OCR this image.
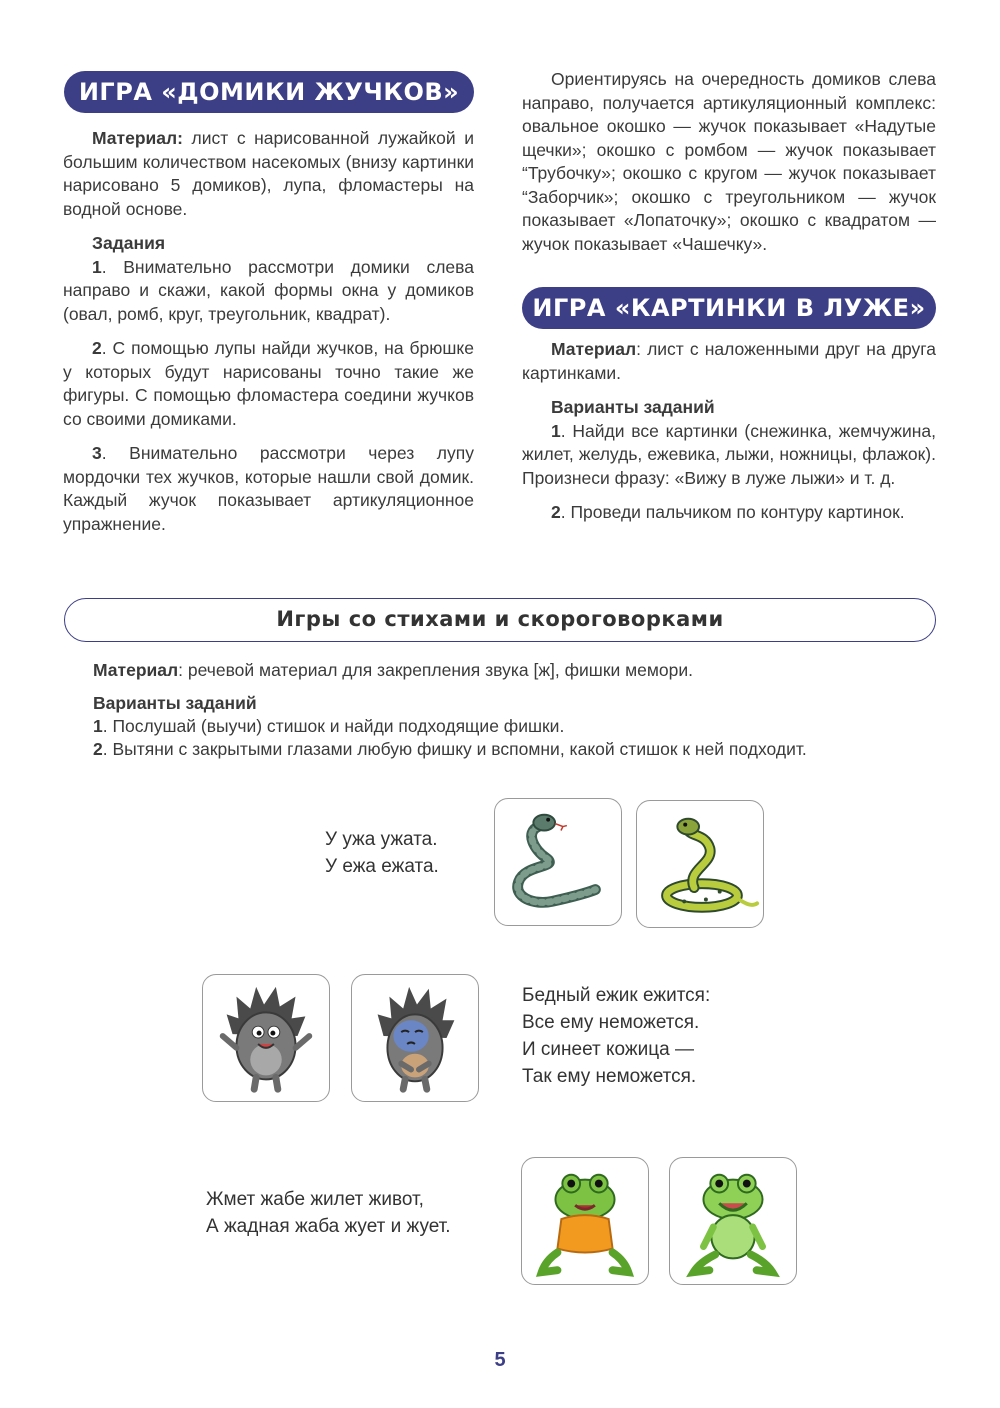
ИГРА «ДОМИКИ ЖУЧКОВ»

Материал: лист с нарисованной лужайкой и большим количеством насекомых (внизу картинки нарисовано 5 домиков), лупа, фломастеры на водной основе.

Задания

1. Внимательно рассмотри домики слева направо и скажи, какой формы окна у домиков (овал, ромб, круг, треугольник, квадрат).

2. С помощью лупы найди жучков, на брюшке у которых будут нарисованы точно такие же фигуры. С помощью фломастера соедини жучков со своими домиками.

3. Внимательно рассмотри через лупу мордочки тех жучков, которые нашли свой домик. Каждый жучок показывает артикуляционное упражнение.

Ориентируясь на очередность домиков слева направо, получается артикуляционный комплекс: овальное окошко — жучок показывает «Надутые щечки»; окошко с ромбом — жучок показывает “Трубочку»; окошко с кругом — жучок показывает “Заборчик»; окошко с треугольником — жучок показывает «Лопаточку»; окошко с квадратом — жучок показывает «Чашечку».

ИГРА «КАРТИНКИ В ЛУЖЕ»

Материал: лист с наложенными друг на друга картинками.

Варианты заданий

1. Найди все картинки (снежинка, жемчужина, жилет, желудь, ежевика, лыжи, ножницы, флажок). Произнеси фразу: «Вижу в луже лыжи» и т. д.

2. Проведи пальчиком по контуру картинок.

Игры со стихами и скороговорками

Материал: речевой материал для закрепления звука [ж], фишки мемори.

Варианты заданий

1. Послушай (выучи) стишок и найди подходящие фишки.

2. Вытяни с закрытыми глазами любую фишку и вспомни, какой стишок к ней подходит.

У ужа ужата.
У ежа ежата.
Бедный ежик ежится:
Все ему неможется.
И синеет кожица —
Так ему неможется.
Жмет жабе жилет живот,
А жадная жаба жует и жует.
5
